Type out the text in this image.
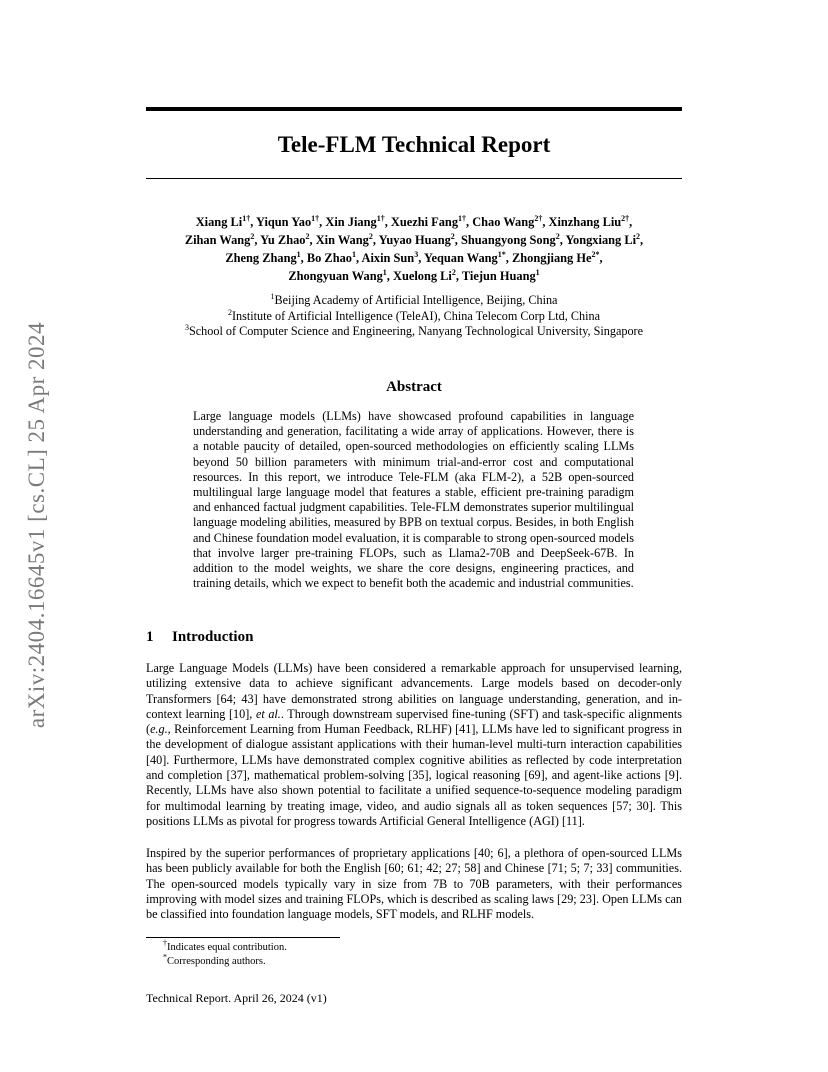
arXiv:2404.16645v1 [cs.CL] 25 Apr 2024
Tele-FLM Technical Report
Xiang $Li^{1\dagger}$, Yiqun Yao$^{1\dagger}$, Xin Jiang$^{1\dagger}$, Xuezhi Fang$^{1\dagger}$, Chao Wang$^{2\dagger}$, Xinzhang Liu$^{2\dagger}$,
Zihan Wang$^2$, Yu Zhao$^2$, Xin Wang$^2$, Yuyao Huang$^2$, Shuangyong Song$^2$, Yongxiang Li$^2$,
Zheng Zhang$^1$, Bo Zhao$^1$, Aixin Sun$^3$, Yequan Wang$^{1*}$, Zhongjiang $He^{2*}$,
Zhongyuan Wang$^1$, Xuelong Li$^2$, Tiejun Huang$^1$
$^1$Beijing Academy of Artificial Intelligence, Beijing, China
$^2$Institute of Artificial Intelligence (TeleAI), China Telecom Corp Ltd, China
$^3$School of Computer Science and Engineering, Nanyang Technological University, Singapore
Abstract
Large language models (LLMs) have showcased profound capabilities in language understanding and generation, facilitating a wide array of applications. However, there is a notable paucity of detailed, open-sourced methodologies on efficiently scaling LLMs beyond 50 billion parameters with minimum trial-and-error cost and computational resources. In this report, we introduce Tele-FLM (aka FLM-2), a 52B open-sourced multilingual large language model that features a stable, efficient pre-training paradigm and enhanced factual judgment capabilities. Tele-FLM demonstrates superior multilingual language modeling abilities, measured by BPB on textual corpus. Besides, in both English and Chinese foundation model evaluation, it is comparable to strong open-sourced models that involve larger pre-training FLOPs, such as Llama2-70B and DeepSeek-67B. In addition to the model weights, we share the core designs, engineering practices, and training details, which we expect to benefit both the academic and industrial communities.
1 Introduction
Large Language Models (LLMs) have been considered a remarkable approach for unsupervised learning, utilizing extensive data to achieve significant advancements. Large models based on decoder-only Transformers [64; 43] have demonstrated strong abilities on language understanding, generation, and in-context learning [10], et al.. Through downstream supervised fine-tuning (SFT) and task-specific alignments (e.g., Reinforcement Learning from Human Feedback, RLHF) [41], LLMs have led to significant progress in the development of dialogue assistant applications with their human-level multi-turn interaction capabilities [40]. Furthermore, LLMs have demonstrated complex cognitive abilities as reflected by code interpretation and completion [37], mathematical problem-solving [35], logical reasoning [69], and agent-like actions [9]. Recently, LLMs have also shown potential to facilitate a unified sequence-to-sequence modeling paradigm for multimodal learning by treating image, video, and audio signals all as token sequences [57; 30]. This positions LLMs as pivotal for progress towards Artificial General Intelligence (AGI) [11].
Inspired by the superior performances of proprietary applications [40; 6], a plethora of open-sourced LLMs has been publicly available for both the English [60; 61; 42; 27; 58] and Chinese [71; 5; 7; 33] communities. The open-sourced models typically vary in size from 7B to 70B parameters, with their performances improving with model sizes and training FLOPs, which is described as scaling laws [29; 23]. Open LLMs can be classified into foundation language models, SFT models, and RLHF models.
†Indicates equal contribution.
*Corresponding authors.
Technical Report. April 26, 2024 (v1)
